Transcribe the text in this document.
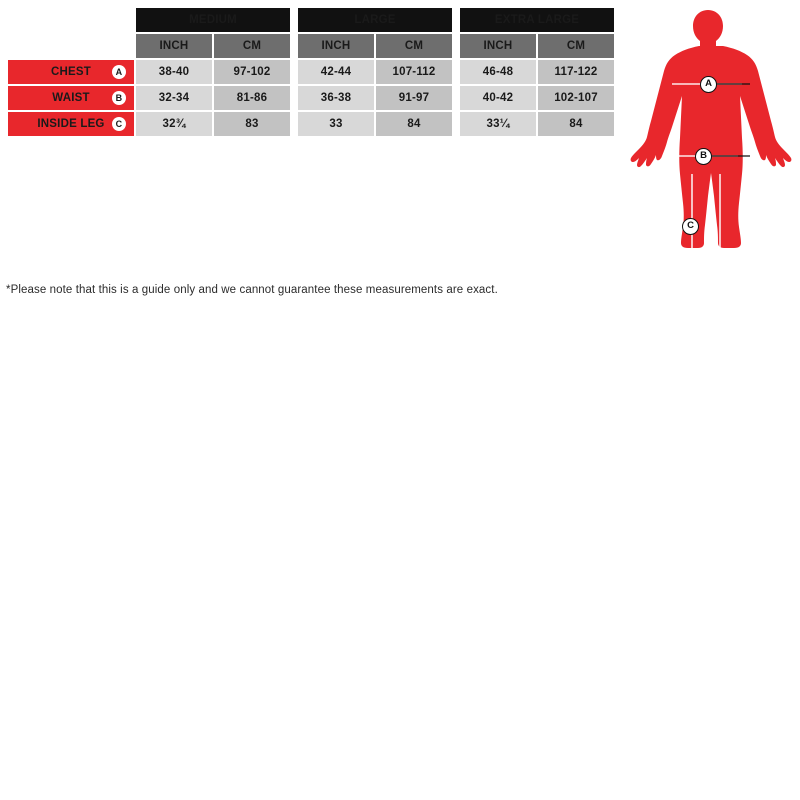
	MEDIUM			LARGE			EXTRA LARGE	
	INCH	CM		INCH	CM		INCH	CM
CHEST A	38-40	97-102		42-44	107-112		46-48	117-122
WAIST B	32-34	81-86		36-38	91-97		40-42	102-107
INSIDE LEG C	32¾	83		33	84		33¼	84
*Please note that this is a guide only and we cannot guarantee these measurements are exact.
A
B
C
